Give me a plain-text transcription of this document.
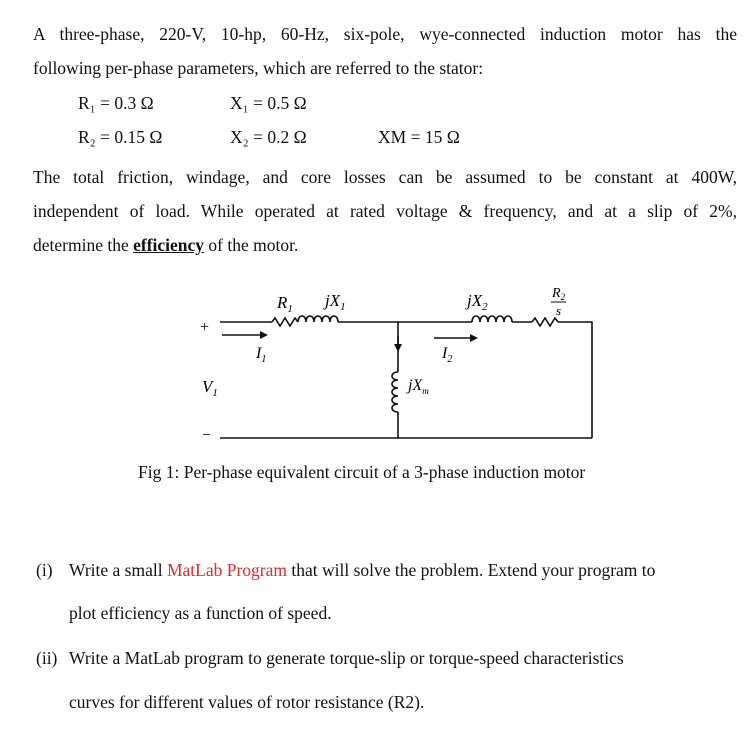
A three-phase, 220-V, 10-hp, 60-Hz, six-pole, wye-connected induction motor has the
following per-phase parameters, which are referred to the stator:
R₁ = 0.3 Ω	X₁ = 0.5 Ω
R₂ = 0.15 Ω	X₂ = 0.2 Ω	XM = 15 Ω
The total friction, windage, and core losses can be assumed to be constant at 400W,
independent of load. While operated at rated voltage & frequency, and at a slip of 2%,
determine the efficiency of the motor.
$R_1$ $jX_1$	$jX_2$
$R_2$
s
$I_1$	$I_2$
$jX_m$
$V_1$
+
−
Fig 1: Per-phase equivalent circuit of a 3-phase induction motor
(i) Write a small MatLab Program that will solve the problem. Extend your program to
plot efficiency as a function of speed.
(ii) Write a MatLab program to generate torque-slip or torque-speed characteristics
curves for different values of rotor resistance (R2).
